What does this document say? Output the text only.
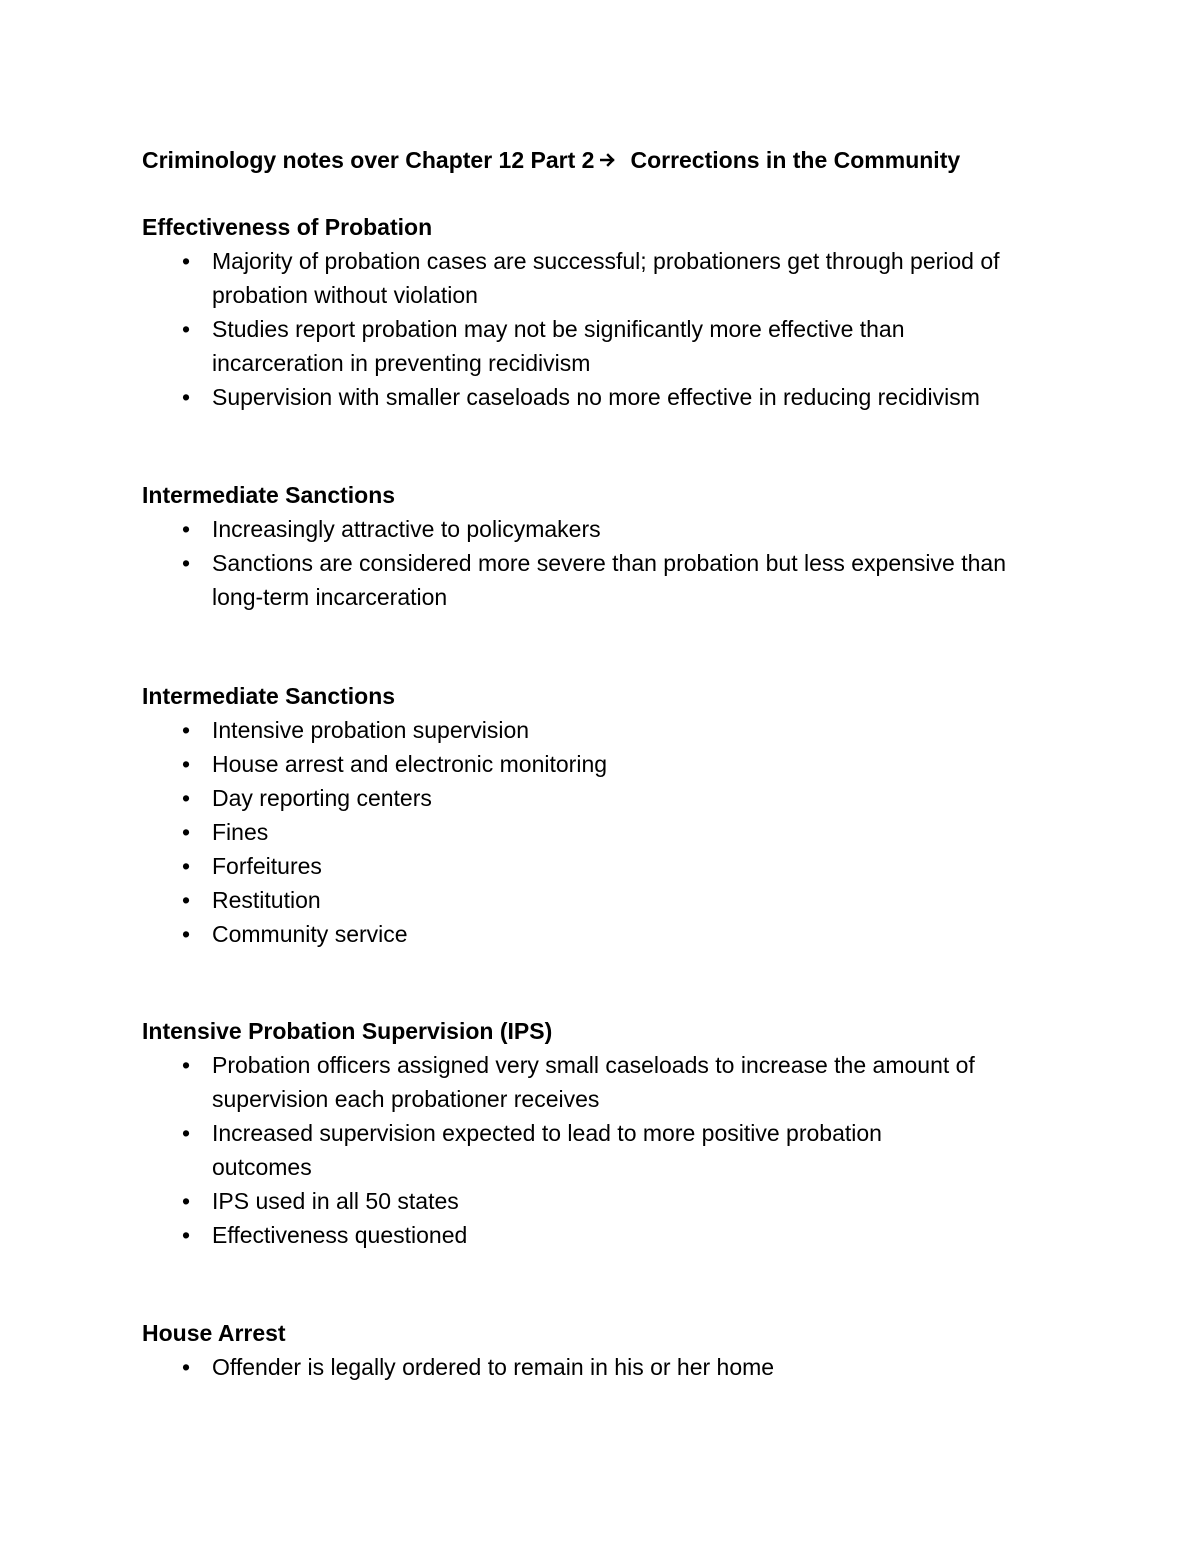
Criminology notes over Chapter 12 Part 2 Corrections in the Community
Effectiveness of Probation
• Majority of probation cases are successful; probationers get through period of probation without violation
• Studies report probation may not be significantly more effective than incarceration in preventing recidivism
• Supervision with smaller caseloads no more effective in reducing recidivism
Intermediate Sanctions
• Increasingly attractive to policymakers
• Sanctions are considered more severe than probation but less expensive than long-term incarceration
Intermediate Sanctions
• Intensive probation supervision
• House arrest and electronic monitoring
• Day reporting centers
• Fines
• Forfeitures
• Restitution
• Community service
Intensive Probation Supervision (IPS)
• Probation officers assigned very small caseloads to increase the amount of supervision each probationer receives
• Increased supervision expected to lead to more positive probation outcomes
• IPS used in all 50 states
• Effectiveness questioned
House Arrest
• Offender is legally ordered to remain in his or her home
